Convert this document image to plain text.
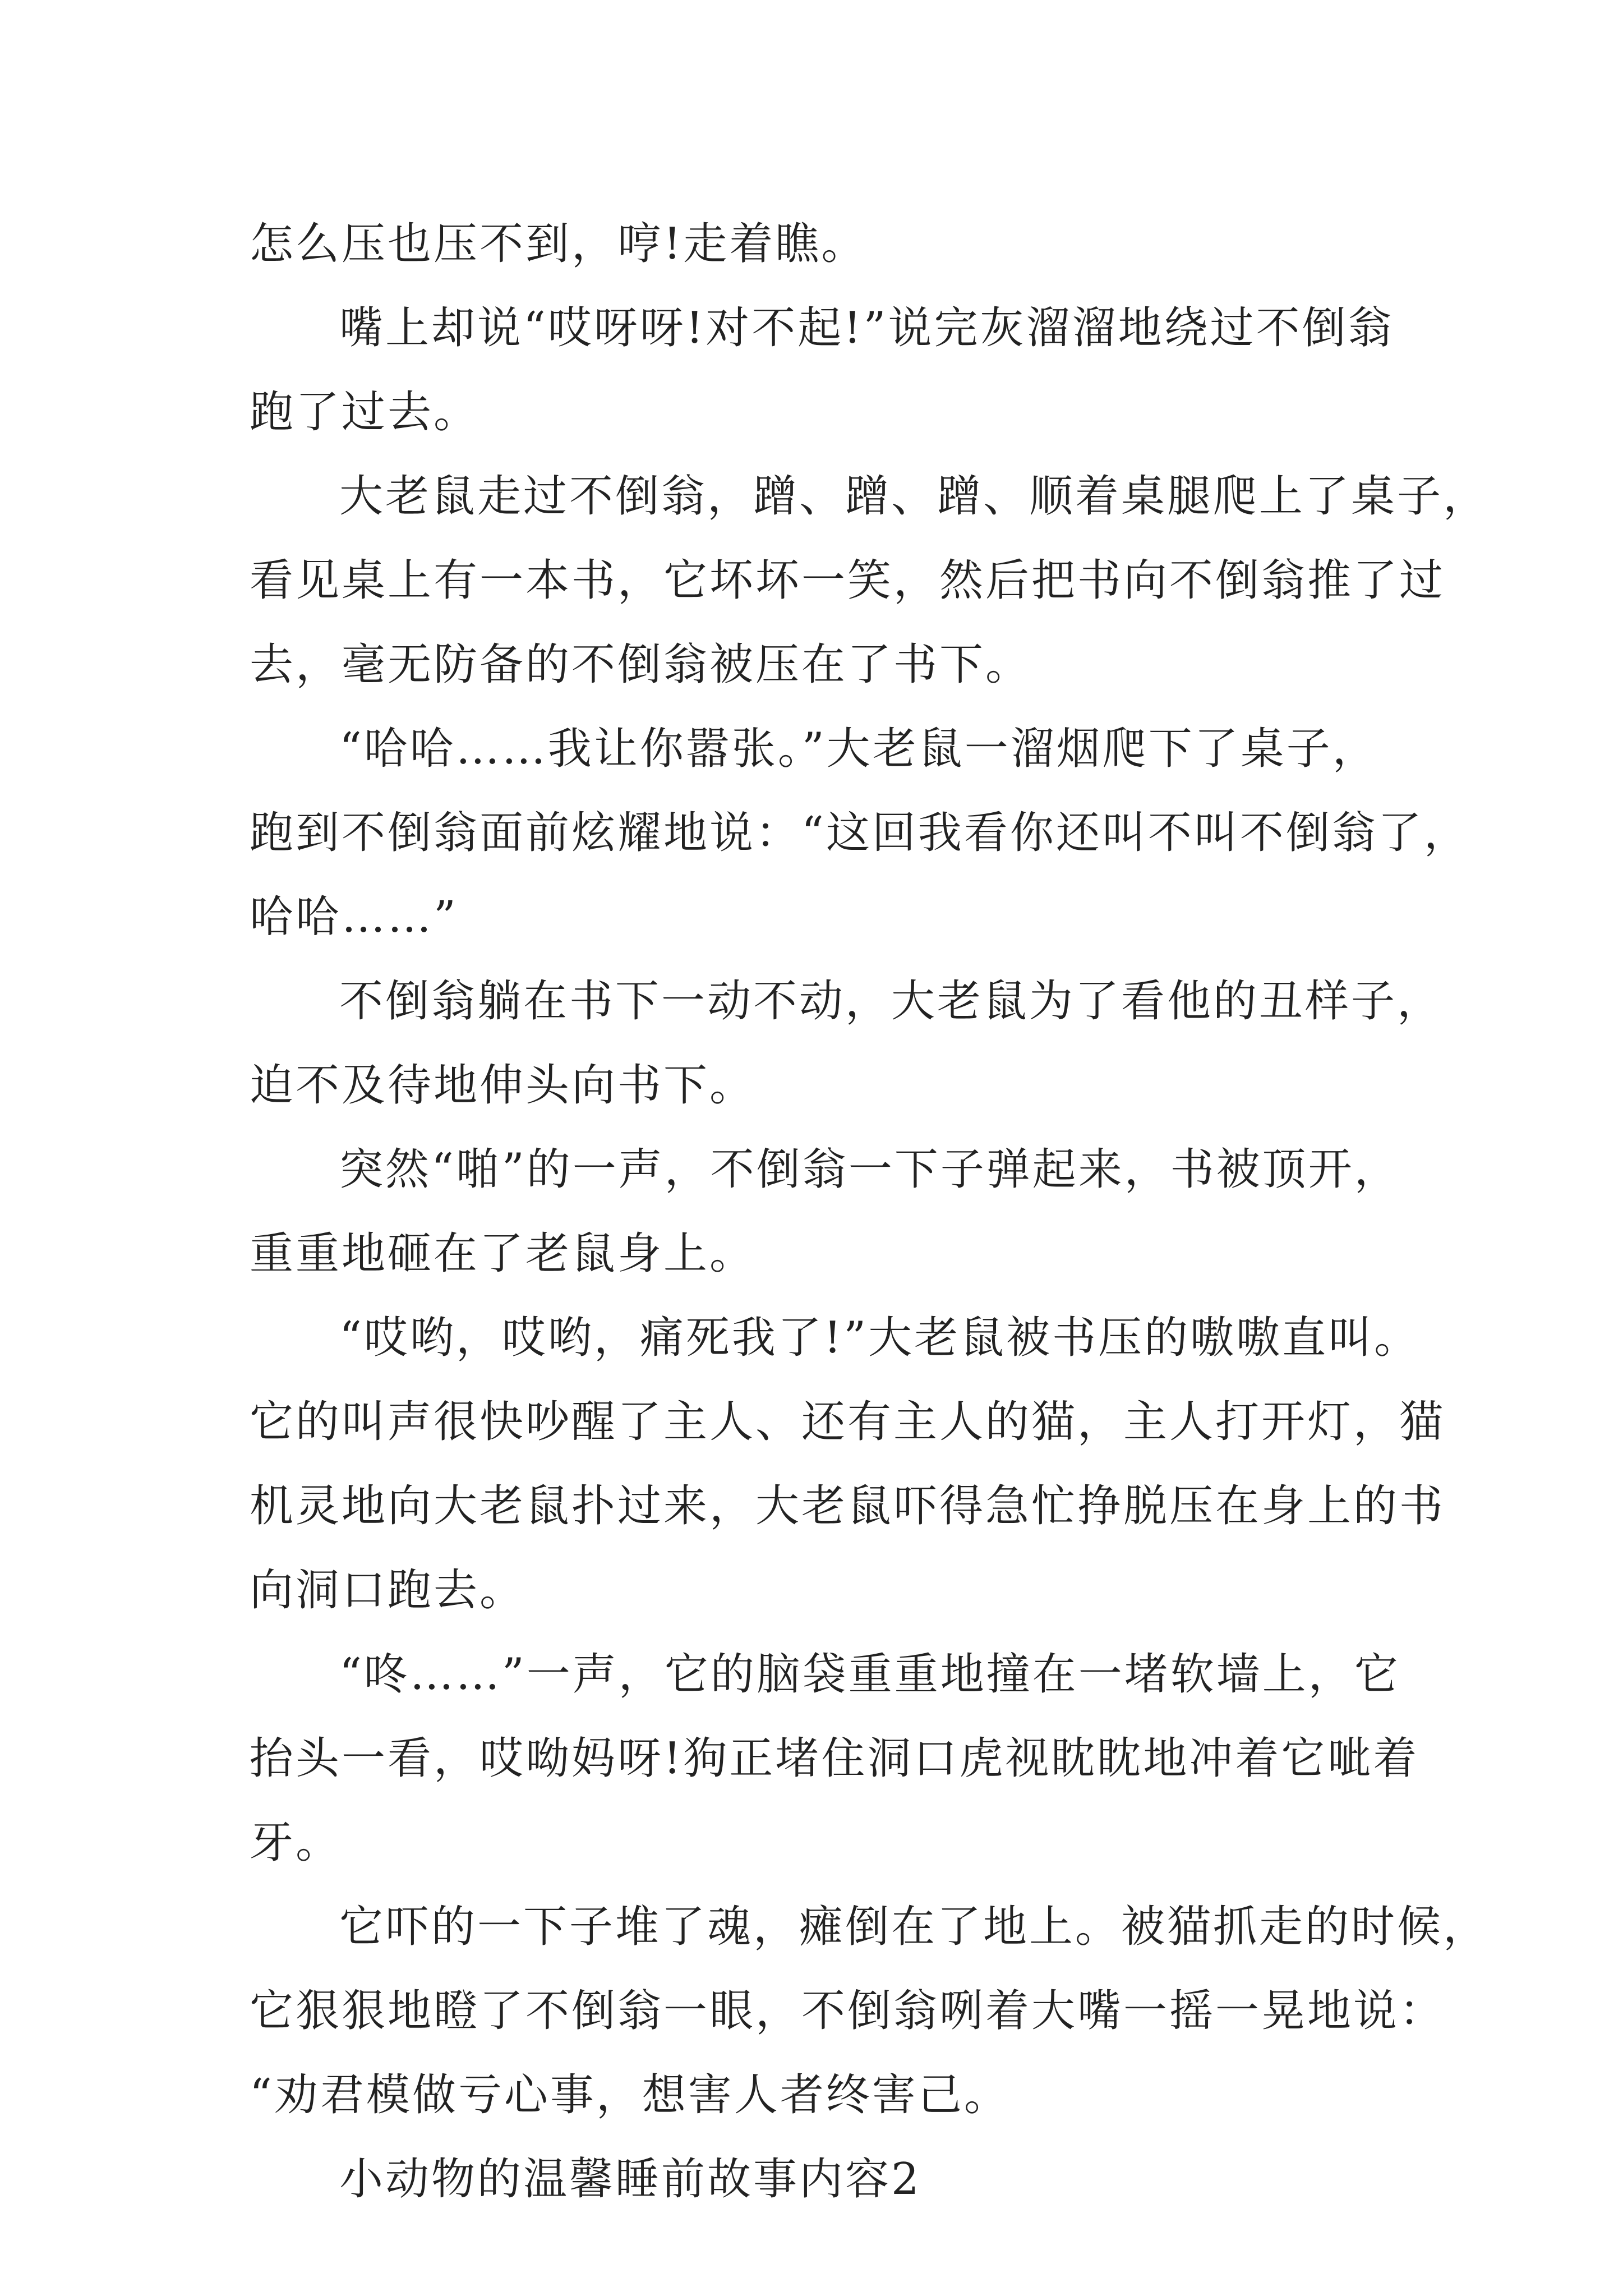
怎么压也压不到，哼!走着瞧。

嘴上却说“哎呀呀!对不起!”说完灰溜溜地绕过不倒翁
跑了过去。

大老鼠走过不倒翁，蹭、蹭、蹭、顺着桌腿爬上了桌子，
看见桌上有一本书，它坏坏一笑，然后把书向不倒翁推了过
去，毫无防备的不倒翁被压在了书下。

“哈哈……我让你嚣张。”大老鼠一溜烟爬下了桌子，
跑到不倒翁面前炫耀地说：“这回我看你还叫不叫不倒翁了，
哈哈……”

不倒翁躺在书下一动不动，大老鼠为了看他的丑样子，
迫不及待地伸头向书下。

突然“啪”的一声，不倒翁一下子弹起来，书被顶开，
重重地砸在了老鼠身上。

“哎哟，哎哟，痛死我了!”大老鼠被书压的嗷嗷直叫。
它的叫声很快吵醒了主人、还有主人的猫，主人打开灯，猫
机灵地向大老鼠扑过来，大老鼠吓得急忙挣脱压在身上的书
向洞口跑去。

“咚……”一声，它的脑袋重重地撞在一堵软墙上，它
抬头一看，哎呦妈呀!狗正堵住洞口虎视眈眈地冲着它呲着
牙。

它吓的一下子堆了魂，瘫倒在了地上。被猫抓走的时候，
它狠狠地瞪了不倒翁一眼，不倒翁咧着大嘴一摇一晃地说：
“劝君模做亏心事，想害人者终害己。

小动物的温馨睡前故事内容2
